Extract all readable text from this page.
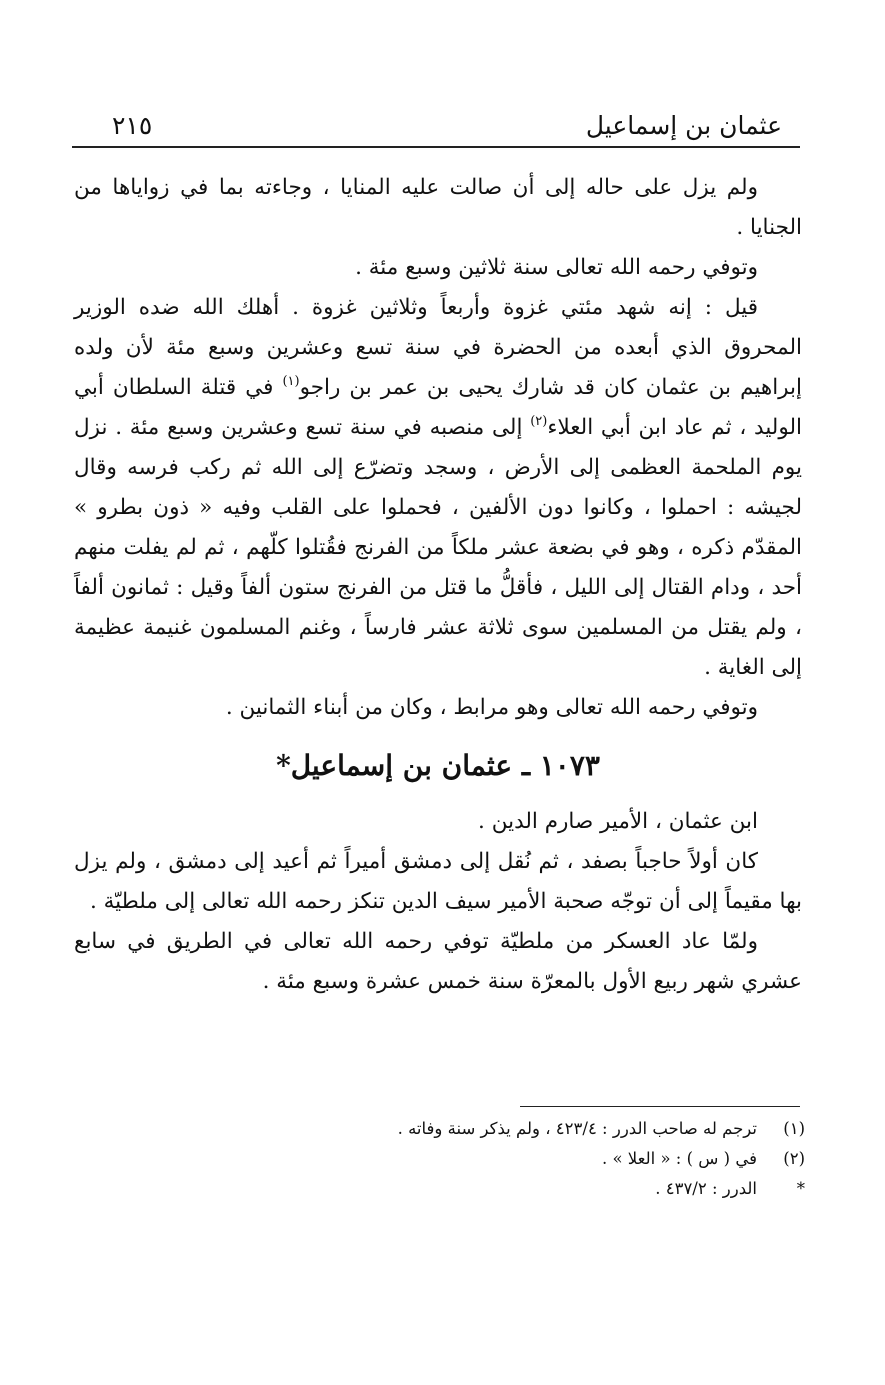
عثمان بن إسماعيل
٢١٥

ولم يزل على حاله إلى أن صالت عليه المنايا ، وجاءته بما في زواياها من الجنايا .

وتوفي رحمه الله تعالى سنة ثلاثين وسبع مئة .

قيل : إنه شهد مئتي غزوة وأربعاً وثلاثين غزوة . أهلك الله ضده الوزير المحروق الذي أبعده من الحضرة في سنة تسع وعشرين وسبع مئة لأن ولده إبراهيم بن عثمان كان قد شارك يحيى بن عمر بن راجو$^{(١)}$ في قتلة السلطان أبي الوليد ، ثم عاد ابن أبي العلاء$^{(٢)}$ إلى منصبه في سنة تسع وعشرين وسبع مئة . نزل يوم الملحمة العظمى إلى الأرض ، وسجد وتضرّع إلى الله ثم ركب فرسه وقال لجيشه : احملوا ، وكانوا دون الألفين ، فحملوا على القلب وفيه « ذون بطرو » المقدّم ذكره ، وهو في بضعة عشر ملكاً من الفرنج فقُتلوا كلّهم ، ثم لم يفلت منهم أحد ، ودام القتال إلى الليل ، فأقلُّ ما قتل من الفرنج ستون ألفاً وقيل : ثمانون ألفاً ، ولم يقتل من المسلمين سوى ثلاثة عشر فارساً ، وغنم المسلمون غنيمة عظيمة إلى الغاية .

وتوفي رحمه الله تعالى وهو مرابط ، وكان من أبناء الثمانين .

١٠٧٣ ـ عثمان بن إسماعيل*

ابن عثمان ، الأمير صارم الدين .

كان أولاً حاجباً بصفد ، ثم نُقل إلى دمشق أميراً ثم أعيد إلى دمشق ، ولم يزل بها مقيماً إلى أن توجّه صحبة الأمير سيف الدين تنكز رحمه الله تعالى إلى ملطيّة .

ولمّا عاد العسكر من ملطيّة توفي رحمه الله تعالى في الطريق في سابع عشري شهر ربيع الأول بالمعرّة سنة خمس عشرة وسبع مئة .

(١)
ترجم له صاحب الدرر : ٤٢٣/٤ ، ولم يذكر سنة وفاته .
(٢)
في ( س ) : « العلا » .
*
الدرر : ٤٣٧/٢ .
